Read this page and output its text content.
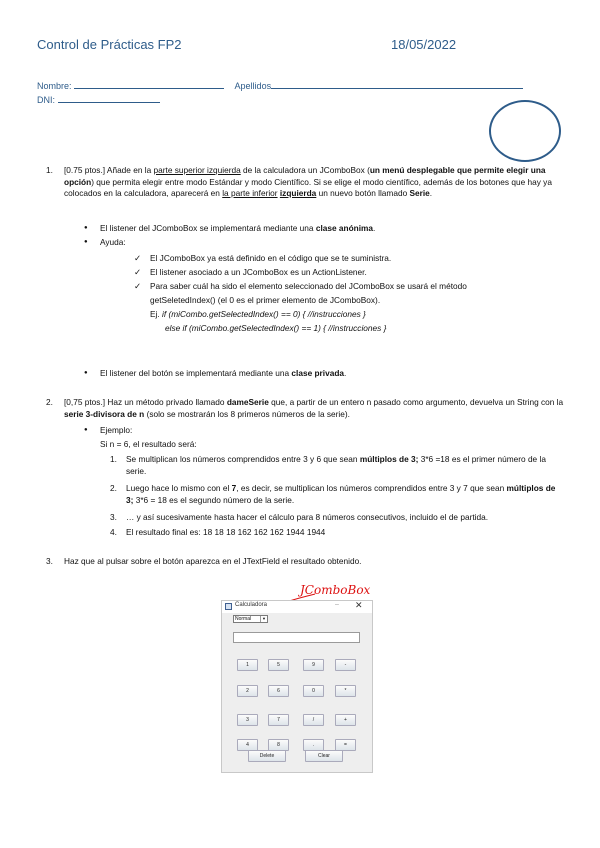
Control de Prácticas FP2	18/05/2022
Nombre:	Apellidos
DNI:
1. [0.75 ptos.] Añade en la parte superior izquierda de la calculadora un JComboBox (un menú desplegable que permite elegir una opción) que permita elegir entre modo Estándar y modo Científico. Si se elige el modo científico, además de los botones que hay ya colocados en la calculadora, aparecerá en la parte inferior izquierda un nuevo botón llamado Serie.
● El listener del JComboBox se implementará mediante una clase anónima.
● Ayuda:
✓ El JComboBox ya está definido en el código que se te suministra.
✓ El listener asociado a un JComboBox es un ActionListener.
✓ Para saber cuál ha sido el elemento seleccionado del JComboBox se usará el método
getSeletedIndex() (el 0 es el primer elemento de JComboBox).
Ej. if (miCombo.getSelectedIndex() == 0) { //instrucciones }
else if (miCombo.getSelectedIndex() == 1) { //instrucciones }
● El listener del botón se implementará mediante una clase privada.
2. [0,75 ptos.] Haz un método privado llamado dameSerie que, a partir de un entero n pasado como argumento, devuelva un String con la serie 3-divisora de n (solo se mostrarán los 8 primeros números de la serie).
● Ejemplo:
Si n = 6, el resultado será:
1. Se multiplican los números comprendidos entre 3 y 6 que sean múltiplos de 3; 3*6 =18 es el primer número de la serie.
2. Luego hace lo mismo con el 7, es decir, se multiplican los números comprendidos entre 3 y 7 que sean múltiplos de 3; 3*6 = 18 es el segundo número de la serie.
3. … y así sucesivamente hasta hacer el cálculo para 8 números consecutivos, incluido el de partida.
4. El resultado final es: 18 18 18 162 162 162 1944 1944
3. Haz que al pulsar sobre el botón aparezca en el JTextField el resultado obtenido.
JComboBox
Calculadora	– ✕
Normal	▼
1	5	9	-
2	6	0	*
3	7	/	+
4	8	.	=
Delete	Clear
